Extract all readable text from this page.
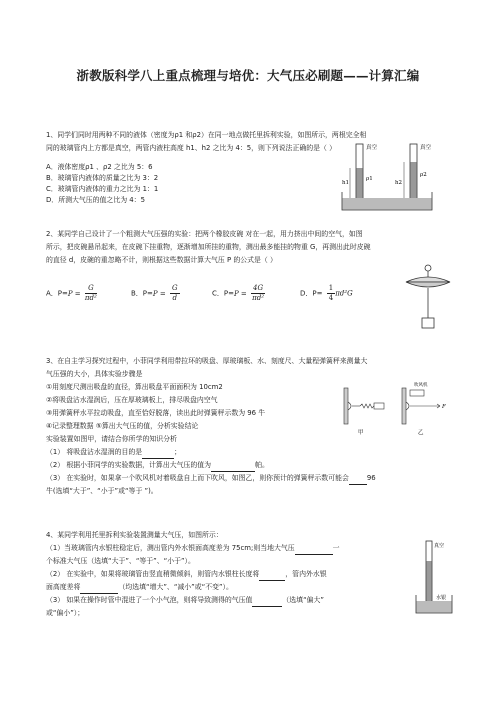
浙教版科学八上重点梳理与培优：大气压必刷题——计算汇编
1、同学们同时用两种不同的液体（密度为ρ1 和ρ2）在同一地点做托里拆利实验，如图所示，两根完全相
同的玻璃管内上方都是真空，两管内液柱高度 h1、h2 之比为 4：5，则下列说法正确的是（ ）
A．液体密度ρ1 、ρ2 之比为 5：6
B．玻璃管内液体的质量之比为 3：2
C．玻璃管内液体的重力之比为 1：1
D．所测大气压的值之比为 4：5
真空	真空
ρ1
ρ2
h1	h2
2、某同学自己设计了一个粗测大气压强的实验：把两个橡胶皮碗 对在一起，用力挤出中间的空气，如图
所示，把皮碗悬吊起来，在皮碗下挂重物，逐渐增加所挂的重物，测出最多能挂的物重 G，再测出此时皮碗
的直径 d，皮碗的重忽略不计，则根据这些数据计算大气压 P 的公式是（ ）
A．$P=P = \frac{G}{\text{πd²}}$	B．$P=P = \frac{G}{d}$	C．$P=P = \frac{4G}{\text{πd²}}$	D．$P= \frac{1}{4} \pi d^2G$
3、在自主学习探究过程中，小菲同学利用带拉环的吸盘、厚玻璃板、水、刻度尺、大量程弹簧秤来测量大
气压强的大小，具体实验步骤是
①用刻度尺测出吸盘的直径，算出吸盘平面面积为 10cm2
②将吸盘沾水湿润后，压在厚玻璃板上，排尽吸盘内空气
③用弹簧秤水平拉动吸盘，直至恰好脱落，读出此时弹簧秤示数为 96 牛
④记录整理数据 ⑤算出大气压的值，分析实验结论
实验装置如图甲，请结合你所学的知识分析
（1） 将吸盘沾水湿润的目的是	；
（2） 根据小菲同学的实验数据，计算出大气压的值为	帕。
（3） 在实验时，如果拿一个吹风机对着吸盘自上而下吹风，如图乙，则你预计的弹簧秤示数可能会	96
牛(选填“大于”、“小于”或“等于 ”)。
甲
吹风机
F
乙
4、某同学利用托里拆利实验装置测量大气压，如图所示：
（1）当玻璃管内水银柱稳定后，测出管内外水银面高度差为 75cm;则当地大气压	一
个标准大气压（选填“大于”、“等于”、“小于”）。
（2） 在实验中，如果将玻璃管由竖直稍微倾斜，则管内水银柱长度将	，管内外水银
面高度差将	（均选填“增大”、“减小”或“不变”）。
（3） 如果在操作时管中混进了一个小气泡，则将导致测得的气压值	（选填“偏大”
或“偏小”）；
真空
水银
